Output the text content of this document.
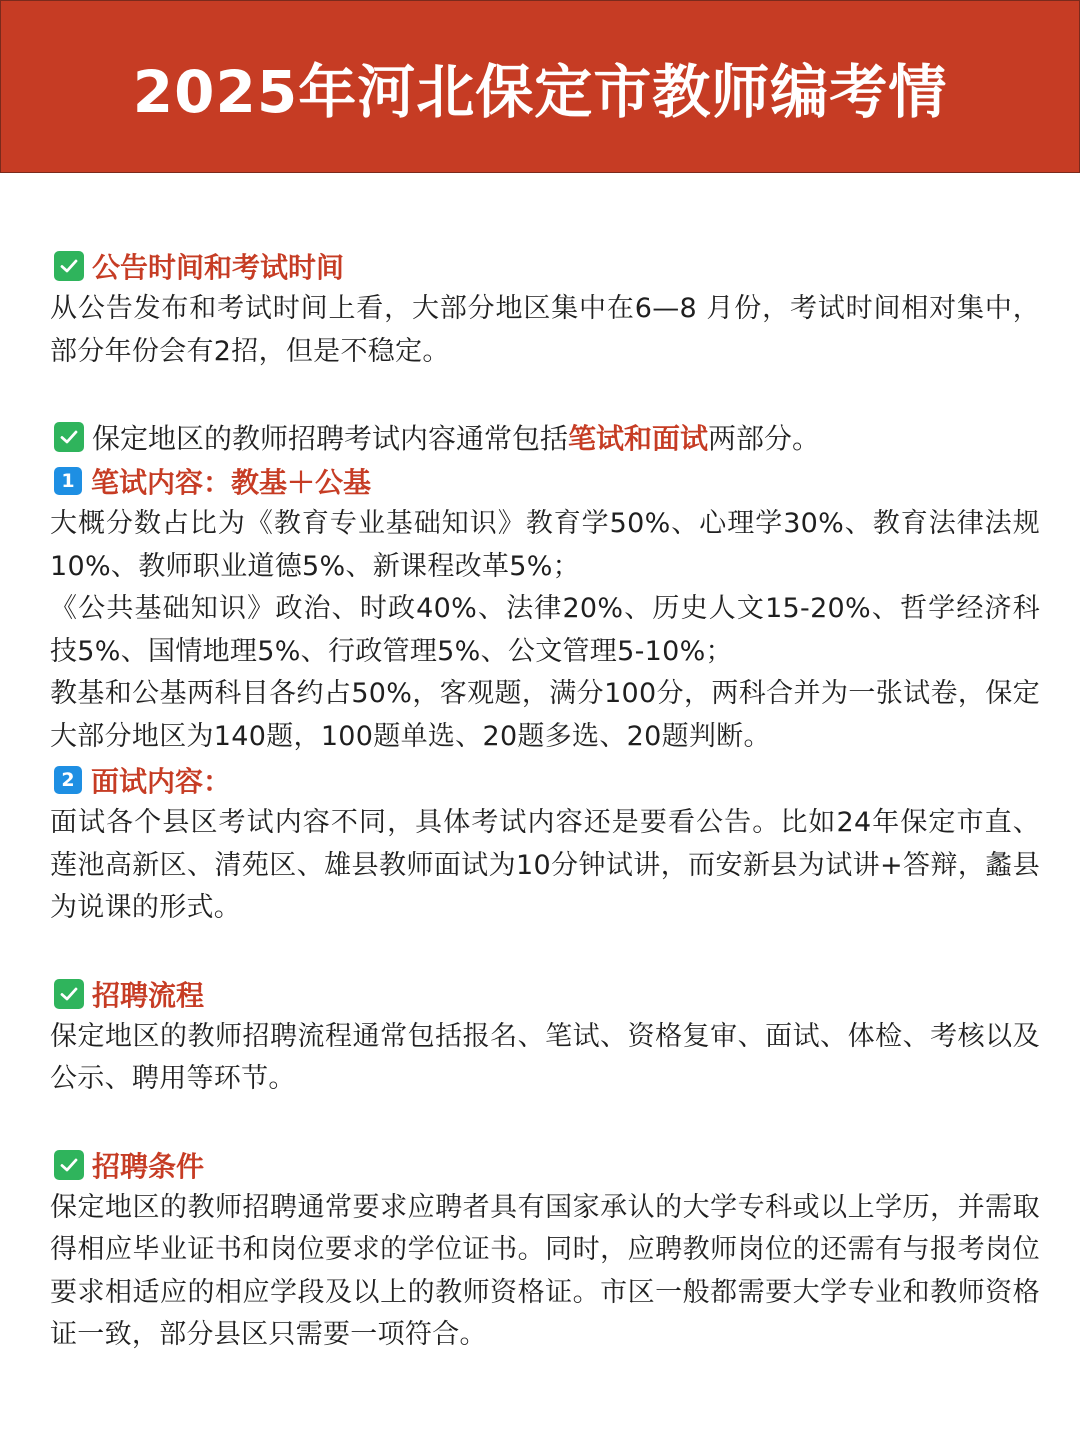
2025年河北保定市教师编考情
公告时间和考试时间

从公告发布和考试时间上看，大部分地区集中在6—8 月份，考试时间相对集中，部分年份会有2招，但是不稳定。

保定地区的教师招聘考试内容通常包括 笔试和面试 两部分。
1 笔试内容：教基＋公基

大概分数占比为《教育专业基础知识》教育学50%、心理学30%、教育法律法规10%、教师职业道德5%、新课程改革5%；

《公共基础知识》政治、时政40%、法律20%、历史人文15-20%、哲学经济科技5%、国情地理5%、行政管理5%、公文管理5-10%；

教基和公基两科目各约占50%，客观题，满分100分，两科合并为一张试卷，保定大部分地区为140题，100题单选、20题多选、20题判断。

2 面试内容：

面试各个县区考试内容不同，具体考试内容还是要看公告。比如24年保定市直、莲池高新区、清苑区、雄县教师面试为10分钟试讲，而安新县为试讲+答辩，蠡县为说课的形式。

招聘流程

保定地区的教师招聘流程通常包括报名、笔试、资格复审、面试、体检、考核以及公示、聘用等环节。

招聘条件

保定地区的教师招聘通常要求应聘者具有国家承认的大学专科或以上学历，并需取得相应毕业证书和岗位要求的学位证书。同时，应聘教师岗位的还需有与报考岗位要求相适应的相应学段及以上的教师资格证。市区一般都需要大学专业和教师资格证一致，部分县区只需要一项符合。
